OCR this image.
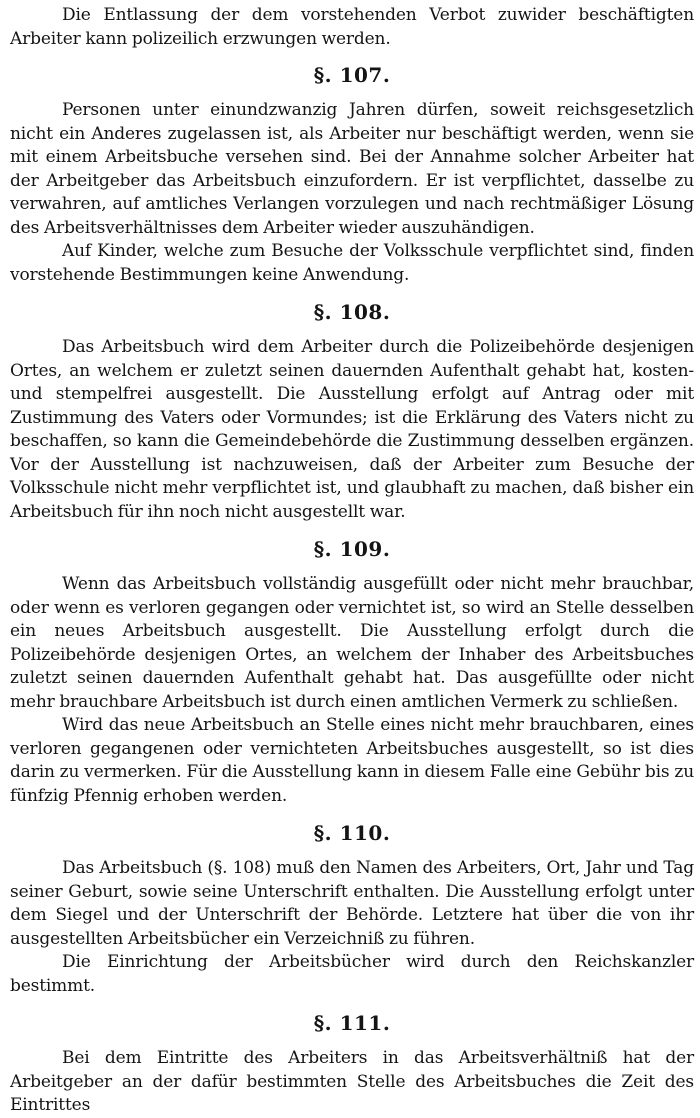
Die Entlassung der dem vorstehenden Verbot zuwider beschäftigten Arbeiter kann polizeilich erzwungen werden.

§. 107.

Personen unter einundzwanzig Jahren dürfen, soweit reichsgesetzlich nicht ein Anderes zugelassen ist, als Arbeiter nur beschäftigt werden, wenn sie mit einem Arbeitsbuche versehen sind. Bei der Annahme solcher Arbeiter hat der Arbeitgeber das Arbeitsbuch einzufordern. Er ist verpflichtet, dasselbe zu verwahren, auf amtliches Verlangen vorzulegen und nach rechtmäßiger Lösung des Arbeitsverhältnisses dem Arbeiter wieder auszuhändigen.

Auf Kinder, welche zum Besuche der Volksschule verpflichtet sind, finden vorstehende Bestimmungen keine Anwendung.

§. 108.

Das Arbeitsbuch wird dem Arbeiter durch die Polizeibehörde desjenigen Ortes, an welchem er zuletzt seinen dauernden Aufenthalt gehabt hat, kosten- und stempelfrei ausgestellt. Die Ausstellung erfolgt auf Antrag oder mit Zustimmung des Vaters oder Vormundes; ist die Erklärung des Vaters nicht zu beschaffen, so kann die Gemeindebehörde die Zustimmung desselben ergänzen. Vor der Ausstellung ist nachzuweisen, daß der Arbeiter zum Besuche der Volksschule nicht mehr verpflichtet ist, und glaubhaft zu machen, daß bisher ein Arbeitsbuch für ihn noch nicht ausgestellt war.

§. 109.

Wenn das Arbeitsbuch vollständig ausgefüllt oder nicht mehr brauchbar, oder wenn es verloren gegangen oder vernichtet ist, so wird an Stelle desselben ein neues Arbeitsbuch ausgestellt. Die Ausstellung erfolgt durch die Polizeibehörde desjenigen Ortes, an welchem der Inhaber des Arbeitsbuches zuletzt seinen dauernden Aufenthalt gehabt hat. Das ausgefüllte oder nicht mehr brauchbare Arbeitsbuch ist durch einen amtlichen Vermerk zu schließen.

Wird das neue Arbeitsbuch an Stelle eines nicht mehr brauchbaren, eines verloren gegangenen oder vernichteten Arbeitsbuches ausgestellt, so ist dies darin zu vermerken. Für die Ausstellung kann in diesem Falle eine Gebühr bis zu fünfzig Pfennig erhoben werden.

§. 110.

Das Arbeitsbuch (§. 108) muß den Namen des Arbeiters, Ort, Jahr und Tag seiner Geburt, sowie seine Unterschrift enthalten. Die Ausstellung erfolgt unter dem Siegel und der Unterschrift der Behörde. Letztere hat über die von ihr ausgestellten Arbeitsbücher ein Verzeichniß zu führen.

Die Einrichtung der Arbeitsbücher wird durch den Reichskanzler bestimmt.

§. 111.

Bei dem Eintritte des Arbeiters in das Arbeitsverhältniß hat der Arbeitgeber an der dafür bestimmten Stelle des Arbeitsbuches die Zeit des Eintrittes
